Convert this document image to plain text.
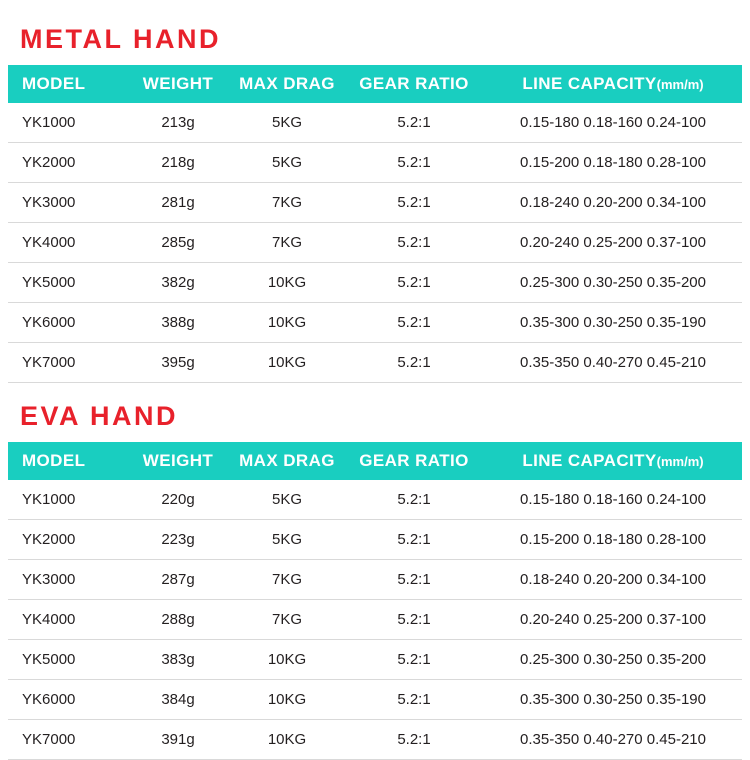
METAL HAND
MODEL	WEIGHT	MAX DRAG	GEAR RATIO	LINE CAPACITY(mm/m)
YK1000	213g	5KG	5.2:1	0.15-180 0.18-160 0.24-100
YK2000	218g	5KG	5.2:1	0.15-200 0.18-180 0.28-100
YK3000	281g	7KG	5.2:1	0.18-240 0.20-200 0.34-100
YK4000	285g	7KG	5.2:1	0.20-240 0.25-200 0.37-100
YK5000	382g	10KG	5.2:1	0.25-300 0.30-250 0.35-200
YK6000	388g	10KG	5.2:1	0.35-300 0.30-250 0.35-190
YK7000	395g	10KG	5.2:1	0.35-350 0.40-270 0.45-210
EVA HAND
MODEL	WEIGHT	MAX DRAG	GEAR RATIO	LINE CAPACITY(mm/m)
YK1000	220g	5KG	5.2:1	0.15-180 0.18-160 0.24-100
YK2000	223g	5KG	5.2:1	0.15-200 0.18-180 0.28-100
YK3000	287g	7KG	5.2:1	0.18-240 0.20-200 0.34-100
YK4000	288g	7KG	5.2:1	0.20-240 0.25-200 0.37-100
YK5000	383g	10KG	5.2:1	0.25-300 0.30-250 0.35-200
YK6000	384g	10KG	5.2:1	0.35-300 0.30-250 0.35-190
YK7000	391g	10KG	5.2:1	0.35-350 0.40-270 0.45-210
